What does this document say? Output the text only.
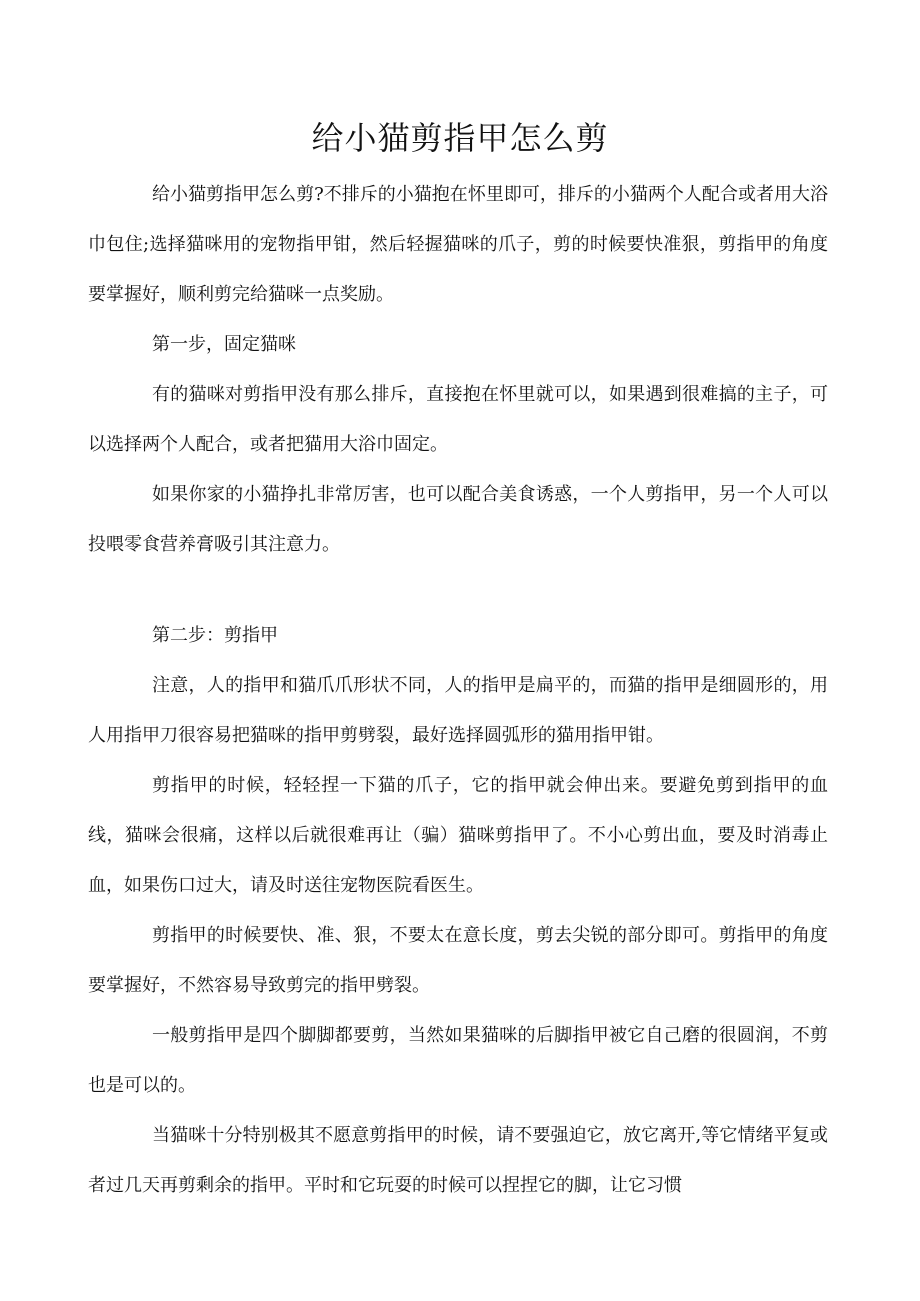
给小猫剪指甲怎么剪

给小猫剪指甲怎么剪?不排斥的小猫抱在怀里即可，排斥的小猫两个人配合或者用大浴巾包住;选择猫咪用的宠物指甲钳，然后轻握猫咪的爪子，剪的时候要快准狠，剪指甲的角度要掌握好，顺利剪完给猫咪一点奖励。

第一步，固定猫咪

有的猫咪对剪指甲没有那么排斥，直接抱在怀里就可以，如果遇到很难搞的主子，可以选择两个人配合，或者把猫用大浴巾固定。

如果你家的小猫挣扎非常厉害，也可以配合美食诱惑，一个人剪指甲，另一个人可以投喂零食营养膏吸引其注意力。

第二步：剪指甲

注意，人的指甲和猫爪爪形状不同，人的指甲是扁平的，而猫的指甲是细圆形的，用人用指甲刀很容易把猫咪的指甲剪劈裂，最好选择圆弧形的猫用指甲钳。

剪指甲的时候，轻轻捏一下猫的爪子，它的指甲就会伸出来。要避免剪到指甲的血线，猫咪会很痛，这样以后就很难再让（骗）猫咪剪指甲了。不小心剪出血，要及时消毒止血，如果伤口过大，请及时送往宠物医院看医生。

剪指甲的时候要快、准、狠，不要太在意长度，剪去尖锐的部分即可。剪指甲的角度要掌握好，不然容易导致剪完的指甲劈裂。

一般剪指甲是四个脚脚都要剪，当然如果猫咪的后脚指甲被它自己磨的很圆润，不剪也是可以的。

当猫咪十分特别极其不愿意剪指甲的时候，请不要强迫它，放它离开,等它情绪平复或者过几天再剪剩余的指甲。平时和它玩耍的时候可以捏捏它的脚，让它习惯
